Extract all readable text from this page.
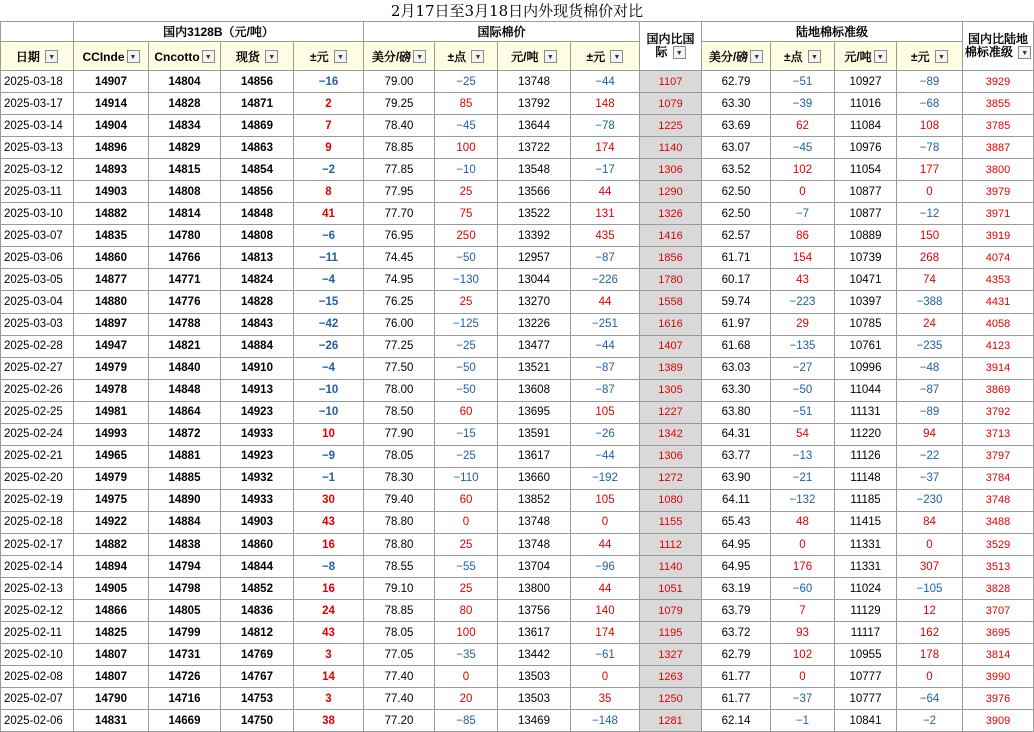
2月17日至3月18日内外现货棉价对比														
	国内3128B（元/吨）				国际棉价				国内比国
际 ▼	陆地棉标准级				国内比陆地
棉标准级 ▼

日期 ▼	CCInde ▼	Cncotto ▼	现货 ▼	±元 ▼	美分/磅 ▼	±点 ▼	元/吨 ▼	±元 ▼		美分/磅 ▼	±点 ▼	元/吨 ▼	±元 ▼	
2025-03-18	14907	14804	14856	−16	79.00	−25	13748	−44	1107	62.79	−51	10927	−89	3929
2025-03-17	14914	14828	14871	2	79.25	85	13792	148	1079	63.30	−39	11016	−68	3855
2025-03-14	14904	14834	14869	7	78.40	−45	13644	−78	1225	63.69	62	11084	108	3785
2025-03-13	14896	14829	14863	9	78.85	100	13722	174	1140	63.07	−45	10976	−78	3887
2025-03-12	14893	14815	14854	−2	77.85	−10	13548	−17	1306	63.52	102	11054	177	3800
2025-03-11	14903	14808	14856	8	77.95	25	13566	44	1290	62.50	0	10877	0	3979
2025-03-10	14882	14814	14848	41	77.70	75	13522	131	1326	62.50	−7	10877	−12	3971
2025-03-07	14835	14780	14808	−6	76.95	250	13392	435	1416	62.57	86	10889	150	3919
2025-03-06	14860	14766	14813	−11	74.45	−50	12957	−87	1856	61.71	154	10739	268	4074
2025-03-05	14877	14771	14824	−4	74.95	−130	13044	−226	1780	60.17	43	10471	74	4353
2025-03-04	14880	14776	14828	−15	76.25	25	13270	44	1558	59.74	−223	10397	−388	4431
2025-03-03	14897	14788	14843	−42	76.00	−125	13226	−251	1616	61.97	29	10785	24	4058
2025-02-28	14947	14821	14884	−26	77.25	−25	13477	−44	1407	61.68	−135	10761	−235	4123
2025-02-27	14979	14840	14910	−4	77.50	−50	13521	−87	1389	63.03	−27	10996	−48	3914
2025-02-26	14978	14848	14913	−10	78.00	−50	13608	−87	1305	63.30	−50	11044	−87	3869
2025-02-25	14981	14864	14923	−10	78.50	60	13695	105	1227	63.80	−51	11131	−89	3792
2025-02-24	14993	14872	14933	10	77.90	−15	13591	−26	1342	64.31	54	11220	94	3713
2025-02-21	14965	14881	14923	−9	78.05	−25	13617	−44	1306	63.77	−13	11126	−22	3797
2025-02-20	14979	14885	14932	−1	78.30	−110	13660	−192	1272	63.90	−21	11148	−37	3784
2025-02-19	14975	14890	14933	30	79.40	60	13852	105	1080	64.11	−132	11185	−230	3748
2025-02-18	14922	14884	14903	43	78.80	0	13748	0	1155	65.43	48	11415	84	3488
2025-02-17	14882	14838	14860	16	78.80	25	13748	44	1112	64.95	0	11331	0	3529
2025-02-14	14894	14794	14844	−8	78.55	−55	13704	−96	1140	64.95	176	11331	307	3513
2025-02-13	14905	14798	14852	16	79.10	25	13800	44	1051	63.19	−60	11024	−105	3828
2025-02-12	14866	14805	14836	24	78.85	80	13756	140	1079	63.79	7	11129	12	3707
2025-02-11	14825	14799	14812	43	78.05	100	13617	174	1195	63.72	93	11117	162	3695
2025-02-10	14807	14731	14769	3	77.05	−35	13442	−61	1327	62.79	102	10955	178	3814
2025-02-08	14807	14726	14767	14	77.40	0	13503	0	1263	61.77	0	10777	0	3990
2025-02-07	14790	14716	14753	3	77.40	20	13503	35	1250	61.77	−37	10777	−64	3976
2025-02-06	14831	14669	14750	38	77.20	−85	13469	−148	1281	62.14	−1	10841	−2	3909
